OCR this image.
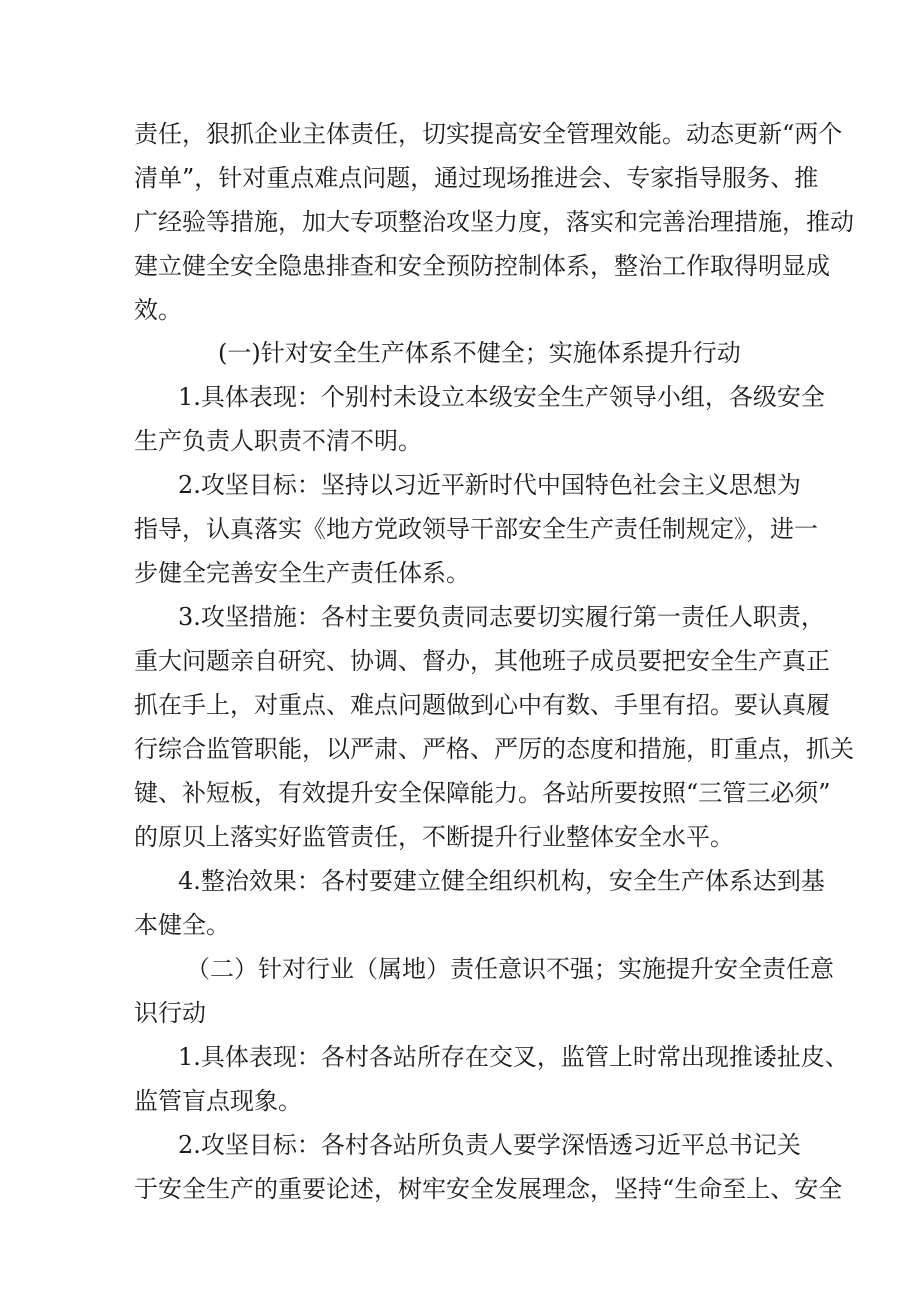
责任，狠抓企业主体责任，切实提高安全管理效能。动态更新“两个
清单”，针对重点难点问题，通过现场推进会、专家指导服务、推
广经验等措施，加大专项整治攻坚力度，落实和完善治理措施，推动
建立健全安全隐患排查和安全预防控制体系，整治工作取得明显成
效。
(一)针对安全生产体系不健全；实施体系提升行动
1.具体表现：个别村未设立本级安全生产领导小组，各级安全
生产负责人职责不清不明。
2.攻坚目标：坚持以习近平新时代中国特色社会主义思想为
指导，认真落实《地方党政领导干部安全生产责任制规定》，进一
步健全完善安全生产责任体系。
3.攻坚措施：各村主要负责同志要切实履行第一责任人职责，
重大问题亲自研究、协调、督办，其他班子成员要把安全生产真正
抓在手上，对重点、难点问题做到心中有数、手里有招。要认真履
行综合监管职能，以严肃、严格、严厉的态度和措施，盯重点，抓关
键、补短板，有效提升安全保障能力。各站所要按照“三管三必须”
的原贝上落实好监管责任，不断提升行业整体安全水平。
4.整治效果：各村要建立健全组织机构，安全生产体系达到基
本健全。
（二）针对行业（属地）责任意识不强；实施提升安全责任意
识行动
1.具体表现：各村各站所存在交叉，监管上时常出现推诿扯皮、
监管盲点现象。
2.攻坚目标：各村各站所负责人要学深悟透习近平总书记关
于安全生产的重要论述，树牢安全发展理念，坚持“生命至上、安全
